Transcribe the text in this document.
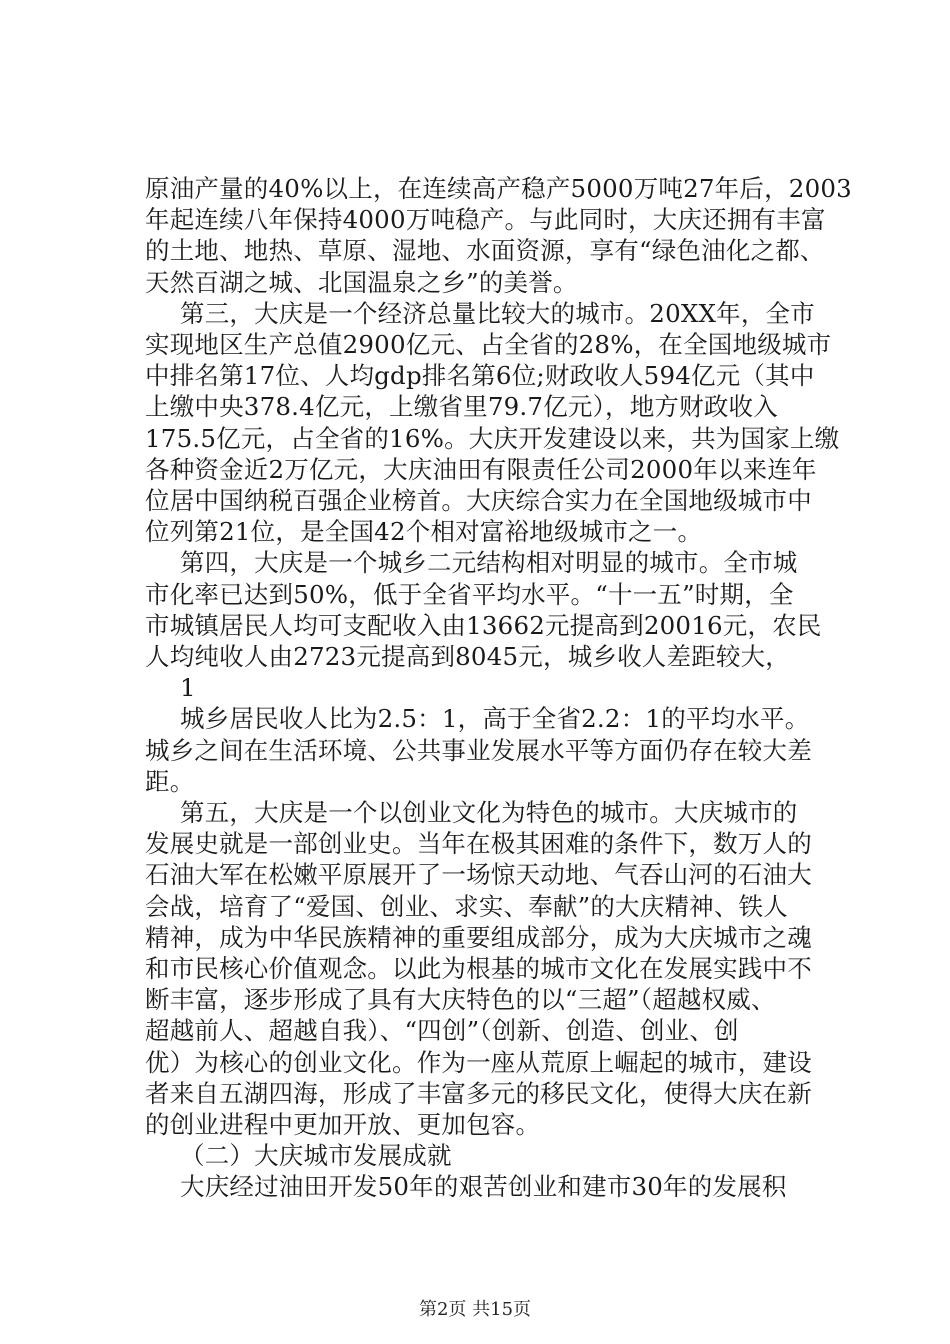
原油产量的40%以上，在连续高产稳产5000万吨27年后，2003
年起连续八年保持4000万吨稳产。与此同时，大庆还拥有丰富
的土地、地热、草原、湿地、水面资源，享有“绿色油化之都、
天然百湖之城、北国温泉之乡”的美誉。
第三，大庆是一个经济总量比较大的城市。20XX年，全市
实现地区生产总值2900亿元、占全省的28%，在全国地级城市
中排名第17位、人均gdp排名第6位;财政收人594亿元（其中
上缴中央378.4亿元，上缴省里79.7亿元），地方财政收入
175.5亿元，占全省的16%。大庆开发建设以来，共为国家上缴
各种资金近2万亿元，大庆油田有限责任公司2000年以来连年
位居中国纳税百强企业榜首。大庆综合实力在全国地级城市中
位列第21位，是全国42个相对富裕地级城市之一。
第四，大庆是一个城乡二元结构相对明显的城市。全市城
市化率已达到50%，低于全省平均水平。“十一五”时期，全
市城镇居民人均可支配收入由13662元提高到20016元，农民
人均纯收人由2723元提高到8045元，城乡收人差距较大，
1
城乡居民收人比为2.5：1，高于全省2.2：1的平均水平。
城乡之间在生活环境、公共事业发展水平等方面仍存在较大差
距。
第五，大庆是一个以创业文化为特色的城市。大庆城市的
发展史就是一部创业史。当年在极其困难的条件下，数万人的
石油大军在松嫩平原展开了一场惊天动地、气吞山河的石油大
会战，培育了“爱国、创业、求实、奉献”的大庆精神、铁人
精神，成为中华民族精神的重要组成部分，成为大庆城市之魂
和市民核心价值观念。以此为根基的城市文化在发展实践中不
断丰富，逐步形成了具有大庆特色的以“三超”（超越权威、
超越前人、超越自我）、“四创”（创新、创造、创业、创
优）为核心的创业文化。作为一座从荒原上崛起的城市，建设
者来自五湖四海，形成了丰富多元的移民文化，使得大庆在新
的创业进程中更加开放、更加包容。
（二）大庆城市发展成就
大庆经过油田开发50年的艰苦创业和建市30年的发展积
第2页 共15页
